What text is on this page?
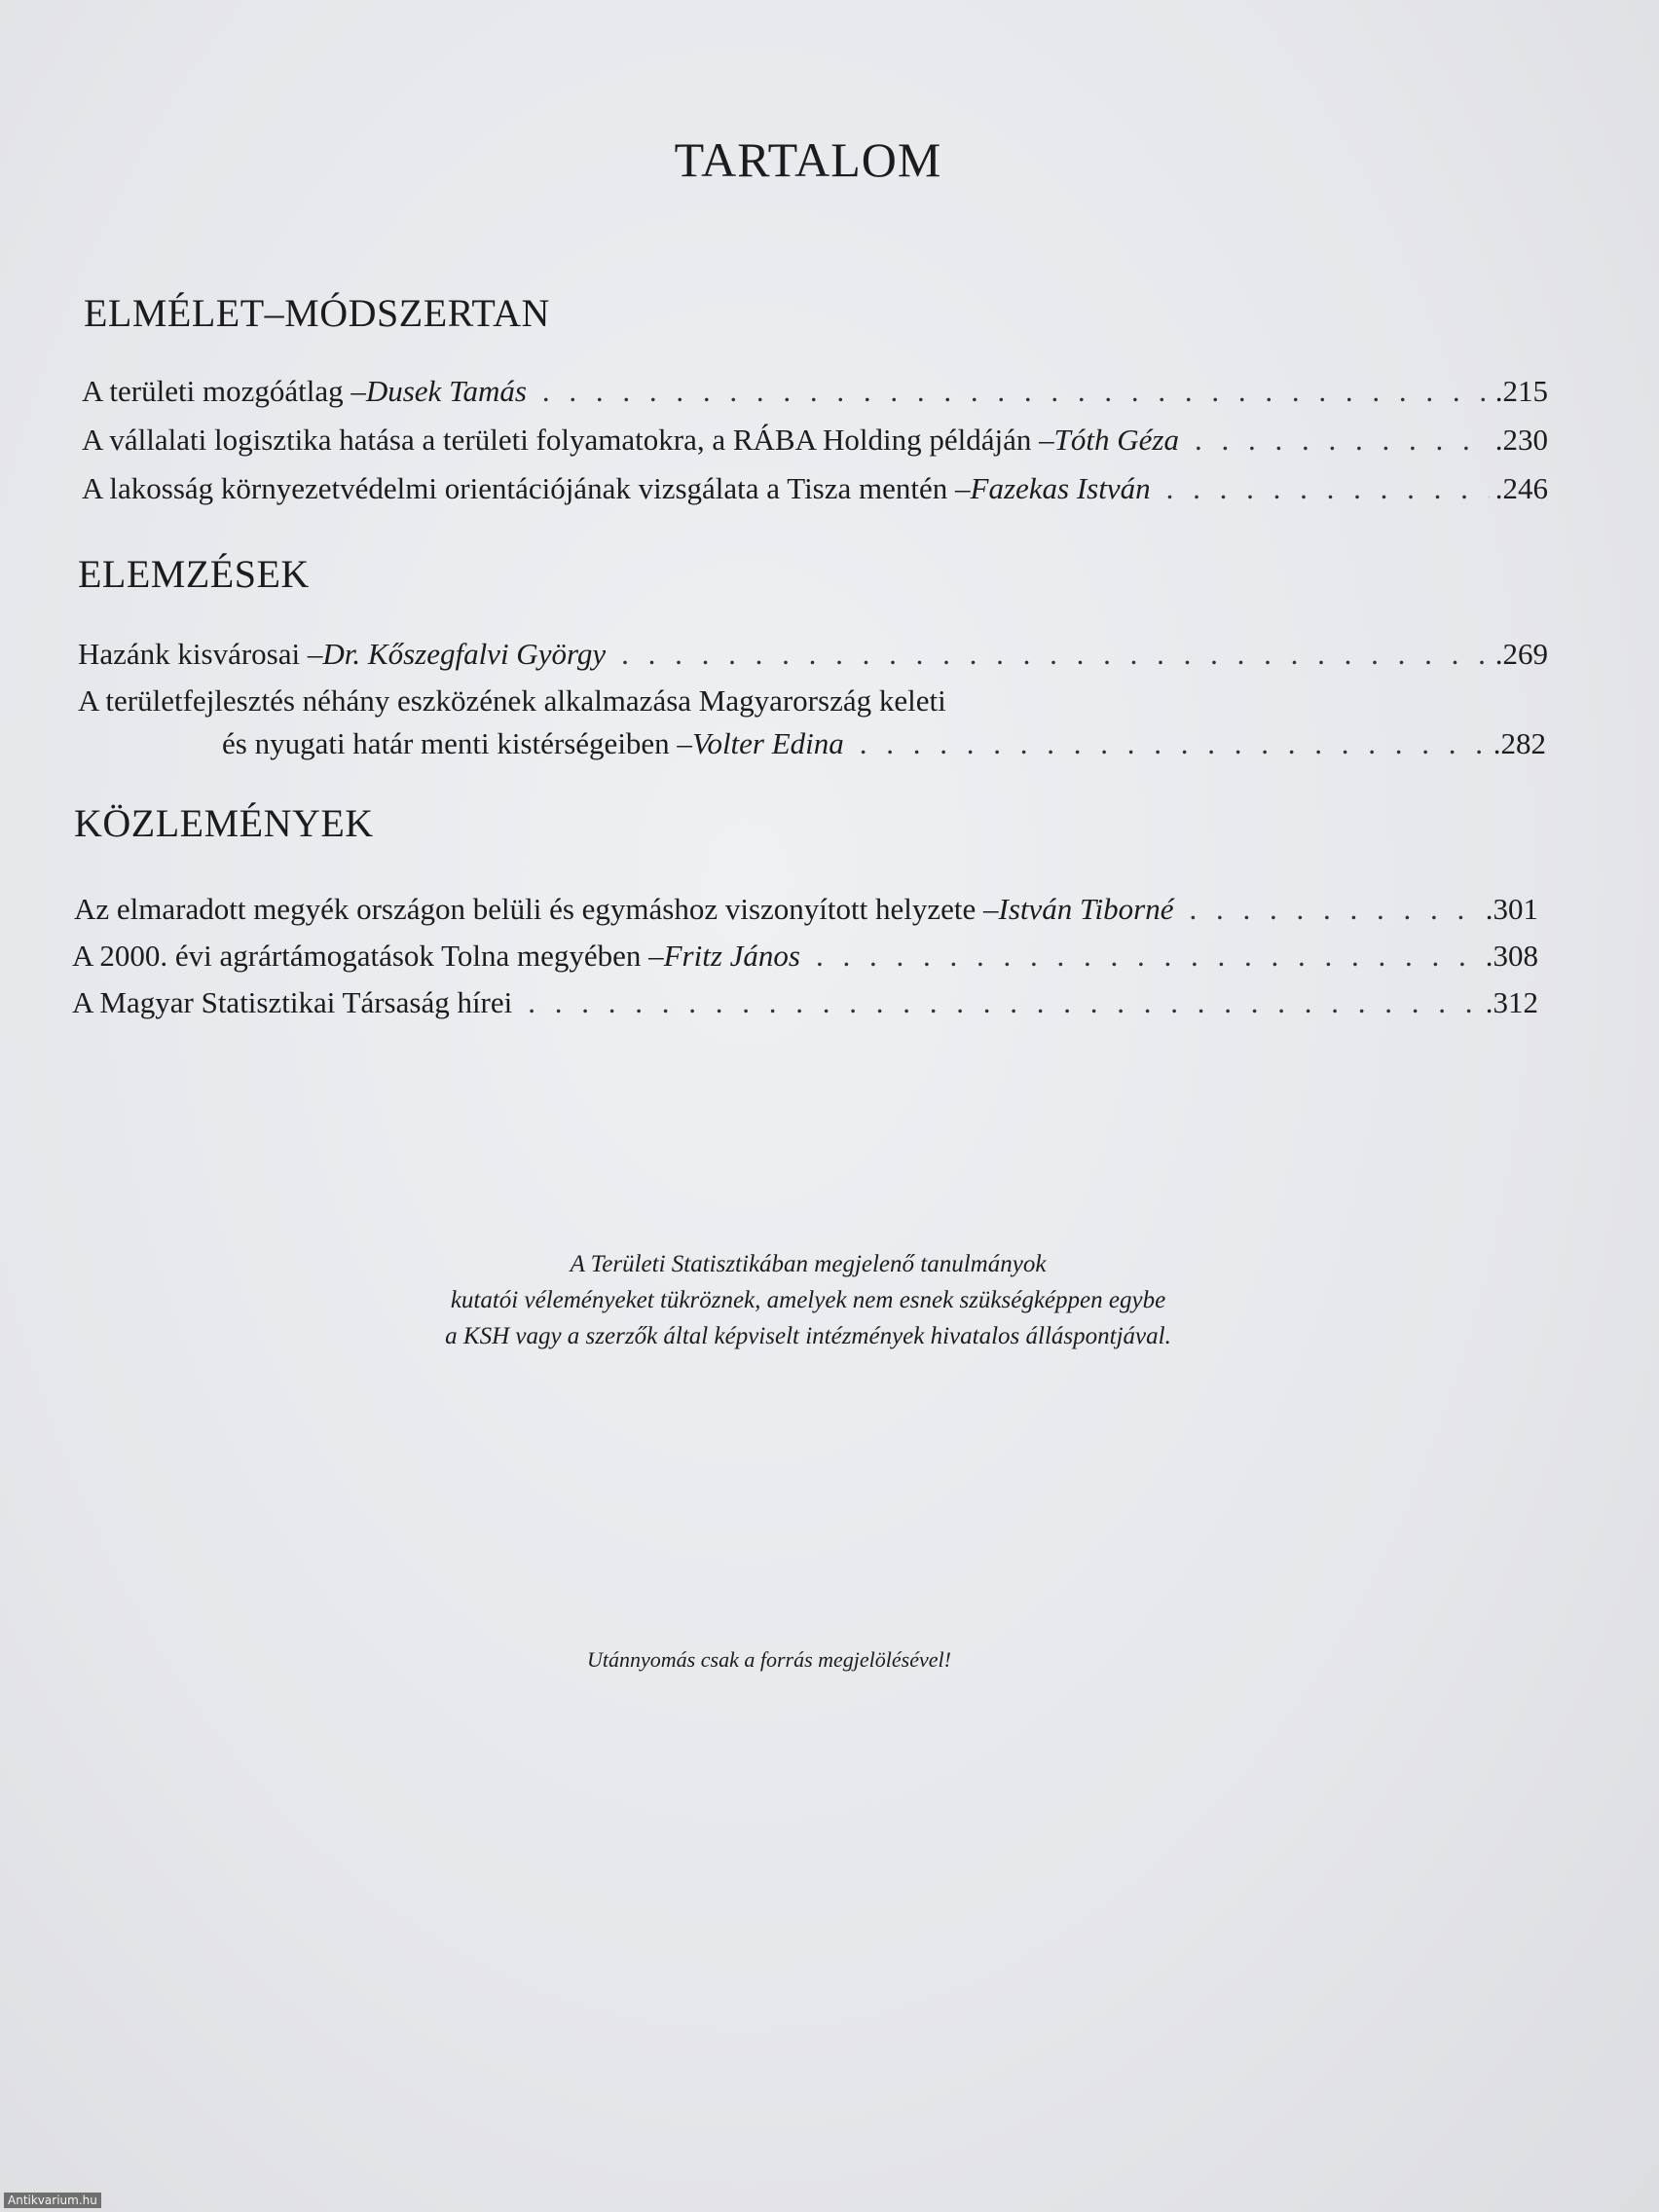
TARTALOM
ELMÉLET–MÓDSZERTAN
A területi mozgóátlag – Dusek Tamás . . .	.215
A vállalati logisztika hatása a területi folyamatokra, a RÁBA Holding példáján – Tóth Géza . . .	.230
A lakosság környezetvédelmi orientációjának vizsgálata a Tisza mentén – Fazekas István . . .	.246
ELEMZÉSEK
Hazánk kisvárosai – Dr. Kőszegfalvi György . . .	.269
A területfejlesztés néhány eszközének alkalmazása Magyarország keleti
és nyugati határ menti kistérségeiben – Volter Edina . . .	.282
KÖZLEMÉNYEK
Az elmaradott megyék országon belüli és egymáshoz viszonyított helyzete – István Tiborné . . .	.301
A 2000. évi agrártámogatások Tolna megyében – Fritz János . . .	.308
A Magyar Statisztikai Társaság hírei . . .	.312
A Területi Statisztikában megjelenő tanulmányok
kutatói véleményeket tükröznek, amelyek nem esnek szükségképpen egybe
a KSH vagy a szerzők által képviselt intézmények hivatalos álláspontjával.
Utánnyomás csak a forrás megjelölésével!
Antikvarium.hu
